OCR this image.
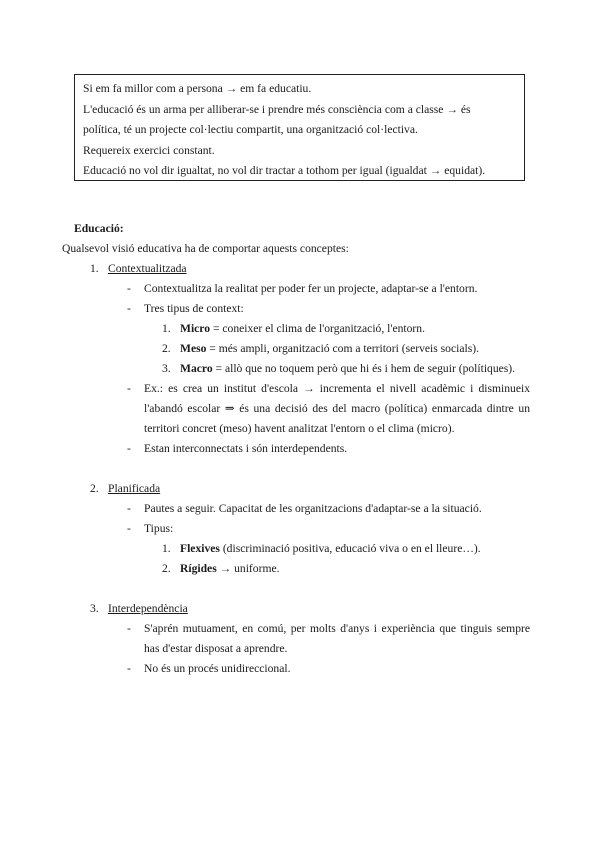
Si em fa millor com a persona → em fa educatiu.

L'educació és un arma per alliberar-se i prendre més consciència com a classe → és

política, té un projecte col·lectiu compartit, una organització col·lectiva.

Requereix exercici constant.

Educació no vol dir igualtat, no vol dir tractar a tothom per igual (igualdat → equidat).

Educació:

Qualsevol visió educativa ha de comportar aquests conceptes:

1. Contextualitzada
- Contextualitza la realitat per poder fer un projecte, adaptar-se a l'entorn.
- Tres tipus de context:
1. Micro = coneixer el clima de l'organització, l'entorn.
2. Meso = més ampli, organització com a territori (serveis socials).
3. Macro = allò que no toquem però que hi és i hem de seguir (polítiques).
- Ex.: es crea un institut d'escola → incrementa el nivell acadèmic i disminueix l'abandó escolar ⇒ és una decisió des del macro (política) enmarcada dintre un territori concret (meso) havent analitzat l'entorn o el clima (micro).
- Estan interconnectats i són interdependents.
2. Planificada
- Pautes a seguir. Capacitat de les organitzacions d'adaptar-se a la situació.
- Tipus:
1. Flexives (discriminació positiva, educació viva o en el lleure…).
2. Rígides → uniforme.
3. Interdependència
- S'aprén mutuament, en comú, per molts d'anys i experiència que tinguis sempre has d'estar disposat a aprendre.
- No és un procés unidireccional.
